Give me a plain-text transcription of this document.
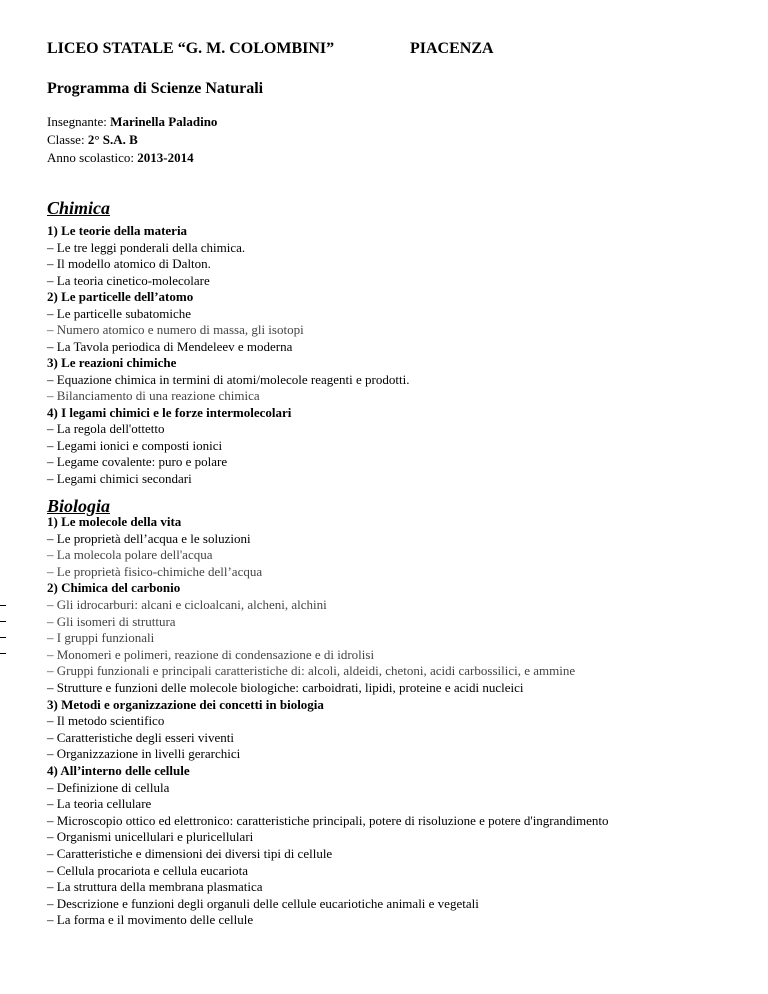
LICEO STATALE “G. M. COLOMBINI”	PIACENZA
Programma di Scienze Naturali
Insegnante: Marinella Paladino
Classe: 2° S.A. B
Anno scolastico: 2013-2014
Chimica
1) Le teorie della materia
– Le tre leggi ponderali della chimica.
– Il modello atomico di Dalton.
– La teoria cinetico-molecolare
2) Le particelle dell’atomo
– Le particelle subatomiche
– Numero atomico e numero di massa, gli isotopi
– La Tavola periodica di Mendeleev e moderna
3) Le reazioni chimiche
– Equazione chimica in termini di atomi/molecole reagenti e prodotti.
– Bilanciamento di una reazione chimica
4) I legami chimici e le forze intermolecolari
– La regola dell'ottetto
– Legami ionici e composti ionici
– Legame covalente: puro e polare
– Legami chimici secondari
Biologia
1) Le molecole della vita
– Le proprietà dell’acqua e le soluzioni
– La molecola polare dell'acqua
– Le proprietà fisico-chimiche dell’acqua
2) Chimica del carbonio
– Gli idrocarburi: alcani e cicloalcani, alcheni, alchini
– Gli isomeri di struttura
– I gruppi funzionali
– Monomeri e polimeri, reazione di condensazione e di idrolisi
– Gruppi funzionali e principali caratteristiche di: alcoli, aldeidi, chetoni, acidi carbossilici, e ammine
– Strutture e funzioni delle molecole biologiche: carboidrati, lipidi, proteine e acidi nucleici
3) Metodi e organizzazione dei concetti in biologia
– Il metodo scientifico
– Caratteristiche degli esseri viventi
– Organizzazione in livelli gerarchici
4) All’interno delle cellule
– Definizione di cellula
– La teoria cellulare
– Microscopio ottico ed elettronico: caratteristiche principali, potere di risoluzione e potere d'ingrandimento
– Organismi unicellulari e pluricellulari
– Caratteristiche e dimensioni dei diversi tipi di cellule
– Cellula procariota e cellula eucariota
– La struttura della membrana plasmatica
– Descrizione e funzioni degli organuli delle cellule eucariotiche animali e vegetali
– La forma e il movimento delle cellule
